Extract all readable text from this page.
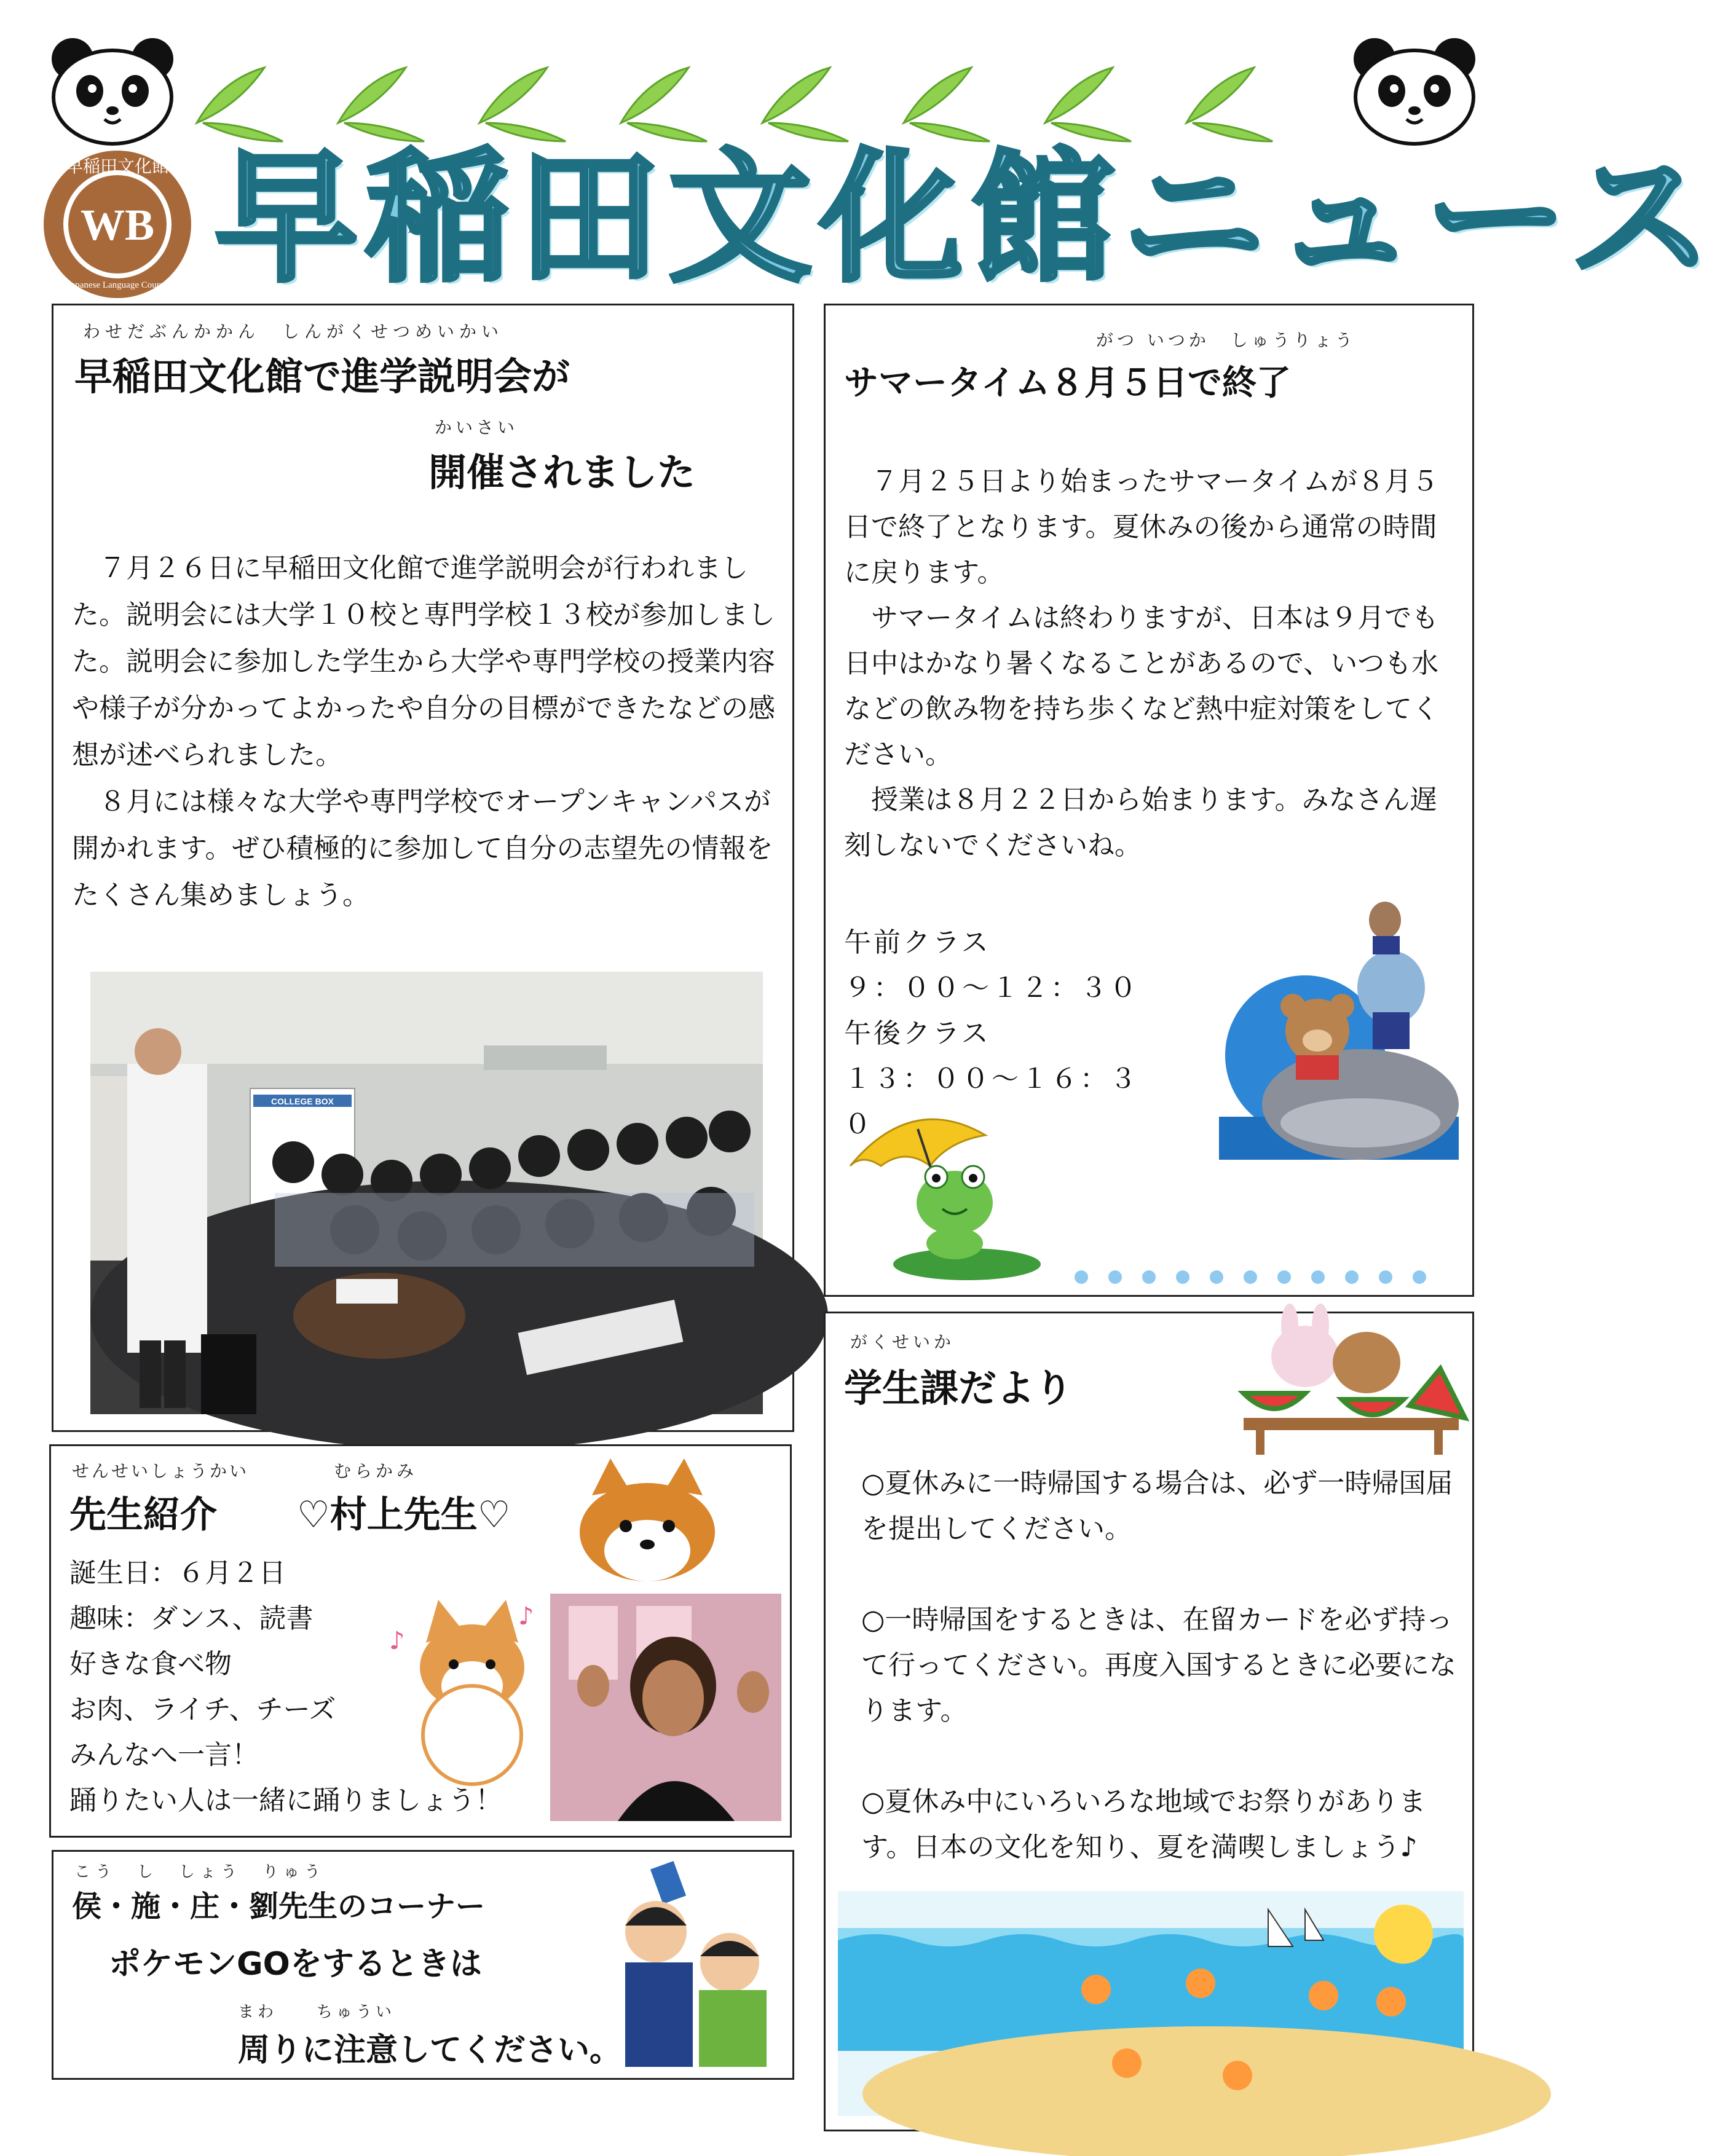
WB
早稲田文化館
Japanese Language Course 早稲田文化館ニュース
わせだぶんかかん　しんがくせつめいかい
早稲田文化館で進学説明会が
かいさい
開催されました

７月２６日に早稲田文化館で進学説明会が行われました。説明会には大学１０校と専門学校１３校が参加しました。説明会に参加した学生から大学や専門学校の授業内容や様子が分かってよかったや自分の目標ができたなどの感想が述べられました。

８月には様々な大学や専門学校でオープンキャンパスが開かれます。ぜひ積極的に参加して自分の志望先の情報をたくさん集めましょう。

COLLEGE BOX
がつ いつか　しゅうりょう
サマータイム８月５日で終了

７月２５日より始まったサマータイムが８月５日で終了となります。夏休みの後から通常の時間に戻ります。

サマータイムは終わりますが、日本は９月でも日中はかなり暑くなることがあるので、いつも水などの飲み物を持ち歩くなど熱中症対策をしてください。

授業は８月２２日から始まります。みなさん遅刻しないでくださいね。

午前クラス

９：００～１２：３０

午後クラス

１３：００～１６：３０

せんせいしょうかい
先生紹介
むらかみ
♡村上先生♡

誕生日：６月２日

趣味：ダンス、読書

好きな食べ物

お肉、ライチ、チーズ

みんなへ一言！

踊りたい人は一緒に踊りましょう！

♪
♪
こう　し　しょう　りゅう
侯・施・庄・劉先生のコーナー
ポケモンGOをするときは
まわ　　ちゅうい
周りに注意してください。
がくせいか
学生課だより

○夏休みに一時帰国する場合は、必ず一時帰国届を提出してください。

○一時帰国をするときは、在留カードを必ず持って行ってください。再度入国するときに必要になります。

○夏休み中にいろいろな地域でお祭りがあります。日本の文化を知り、夏を満喫しましょう♪
